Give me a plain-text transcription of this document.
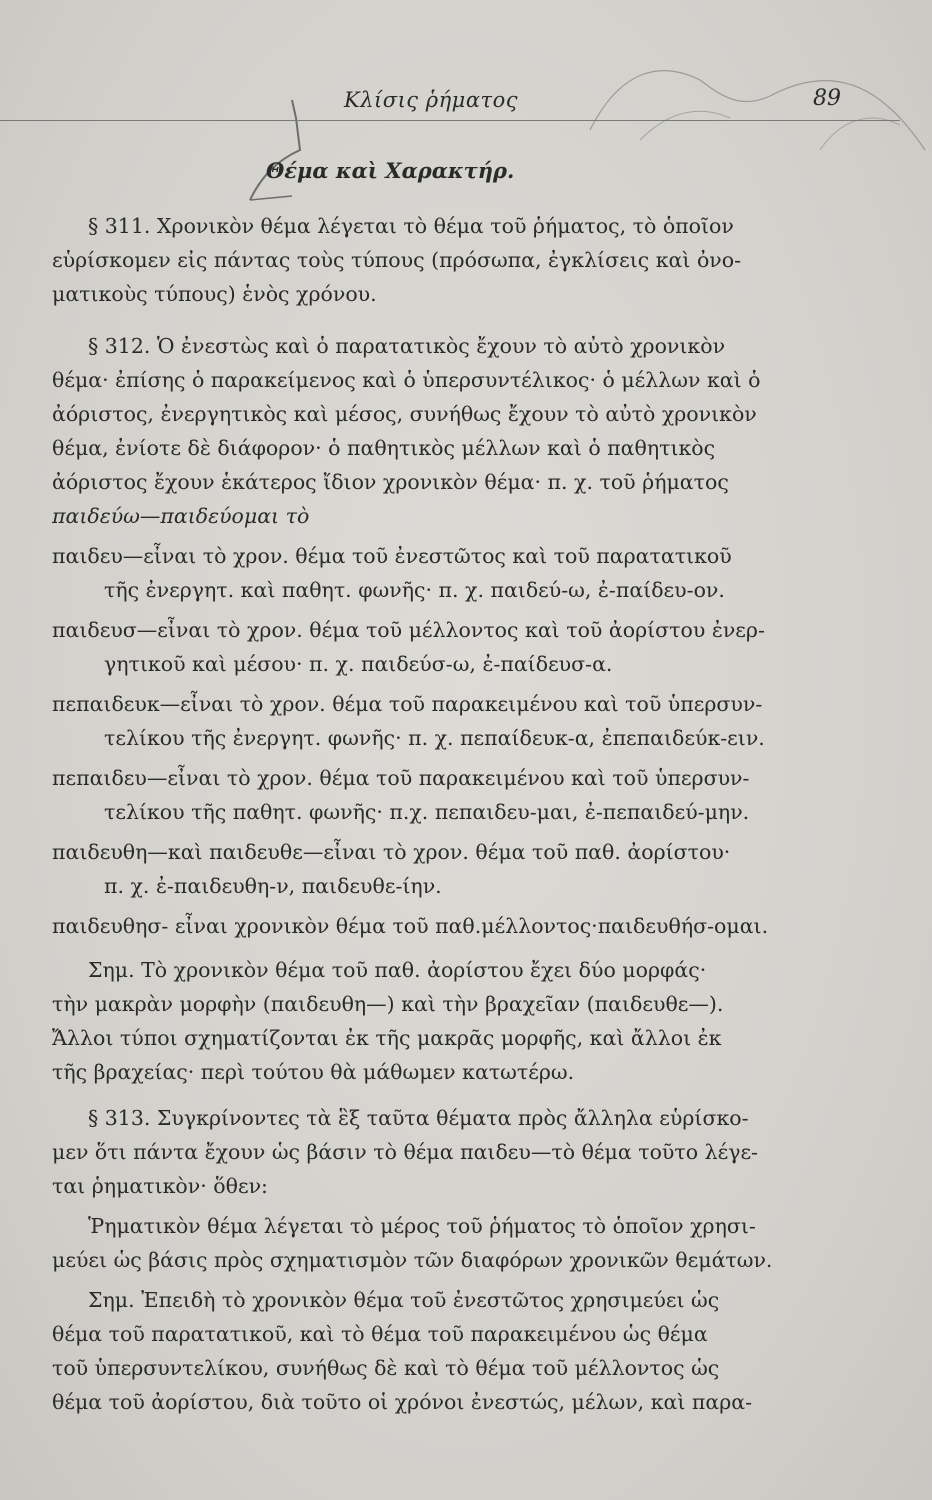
Κλίσις ῥήματος	89
Θέμα καὶ Χαρακτήρ.
§ 311. Χρονικὸν θέμα λέγεται τὸ θέμα τοῦ ῥήματος, τὸ ὁποῖον
εὑρίσκομεν εἰς πάντας τοὺς τύπους (πρόσωπα, ἐγκλίσεις καὶ ὀνο-
ματικοὺς τύπους) ἑνὸς χρόνου.
§ 312. Ὁ ἐνεστὼς καὶ ὁ παρατατικὸς ἔχουν τὸ αὐτὸ χρονικὸν
θέμα· ἐπίσης ὁ παρακείμενος καὶ ὁ ὑπερσυντέλικος· ὁ μέλλων καὶ ὁ
ἀόριστος, ἐνεργητικὸς καὶ μέσος, συνήθως ἔχουν τὸ αὐτὸ χρονικὸν
θέμα, ἐνίοτε δὲ διάφορον· ὁ παθητικὸς μέλλων καὶ ὁ παθητικὸς
ἀόριστος ἔχουν ἑκάτερος ἴδιον χρονικὸν θέμα· π. χ. τοῦ ῥήματος
παιδεύω—παιδεύομαι τὸ
παιδευ—εἶναι τὸ χρον. θέμα τοῦ ἐνεστῶτος καὶ τοῦ παρατατικοῦ
τῆς ἐνεργητ. καὶ παθητ. φωνῆς· π. χ. παιδεύ-ω, ἐ-παίδευ-ον.
παιδευσ—εἶναι τὸ χρον. θέμα τοῦ μέλλοντος καὶ τοῦ ἀορίστου ἐνερ-
γητικοῦ καὶ μέσου· π. χ. παιδεύσ-ω, ἐ-παίδευσ-α.
πεπαιδευκ—εἶναι τὸ χρον. θέμα τοῦ παρακειμένου καὶ τοῦ ὑπερσυν-
τελίκου τῆς ἐνεργητ. φωνῆς· π. χ. πεπαίδευκ-α, ἐπεπαιδεύκ-ειν.
πεπαιδευ—εἶναι τὸ χρον. θέμα τοῦ παρακειμένου καὶ τοῦ ὑπερσυν-
τελίκου τῆς παθητ. φωνῆς· π.χ. πεπαιδευ-μαι, ἐ-πεπαιδεύ-μην.
παιδευθη—καὶ παιδευθε—εἶναι τὸ χρον. θέμα τοῦ παθ. ἀορίστου·
π. χ. ἐ-παιδευθη-ν, παιδευθε-ίην.
παιδευθησ- εἶναι χρονικὸν θέμα τοῦ παθ.μέλλοντος·παιδευθήσ-ομαι.
Σημ. Τὸ χρονικὸν θέμα τοῦ παθ. ἀορίστου ἔχει δύο μορφάς·
τὴν μακρὰν μορφὴν (παιδευθη—) καὶ τὴν βραχεῖαν (παιδευθε—).
Ἄλλοι τύποι σχηματίζονται ἐκ τῆς μακρᾶς μορφῆς, καὶ ἄλλοι ἐκ
τῆς βραχείας· περὶ τούτου θὰ μάθωμεν κατωτέρω.
§ 313. Συγκρίνοντες τὰ ἓξ ταῦτα θέματα πρὸς ἄλληλα εὑρίσκο-
μεν ὅτι πάντα ἔχουν ὡς βάσιν τὸ θέμα παιδευ—τὸ θέμα τοῦτο λέγε-
ται ῥηματικὸν· ὅθεν:
Ῥηματικὸν θέμα λέγεται τὸ μέρος τοῦ ῥήματος τὸ ὁποῖον χρησι-
μεύει ὡς βάσις πρὸς σχηματισμὸν τῶν διαφόρων χρονικῶν θεμάτων.
Σημ. Ἐπειδὴ τὸ χρονικὸν θέμα τοῦ ἐνεστῶτος χρησιμεύει ὡς
θέμα τοῦ παρατατικοῦ, καὶ τὸ θέμα τοῦ παρακειμένου ὡς θέμα
τοῦ ὑπερσυντελίκου, συνήθως δὲ καὶ τὸ θέμα τοῦ μέλλοντος ὡς
θέμα τοῦ ἀορίστου, διὰ τοῦτο οἱ χρόνοι ἐνεστώς, μέλων, καὶ παρα-
